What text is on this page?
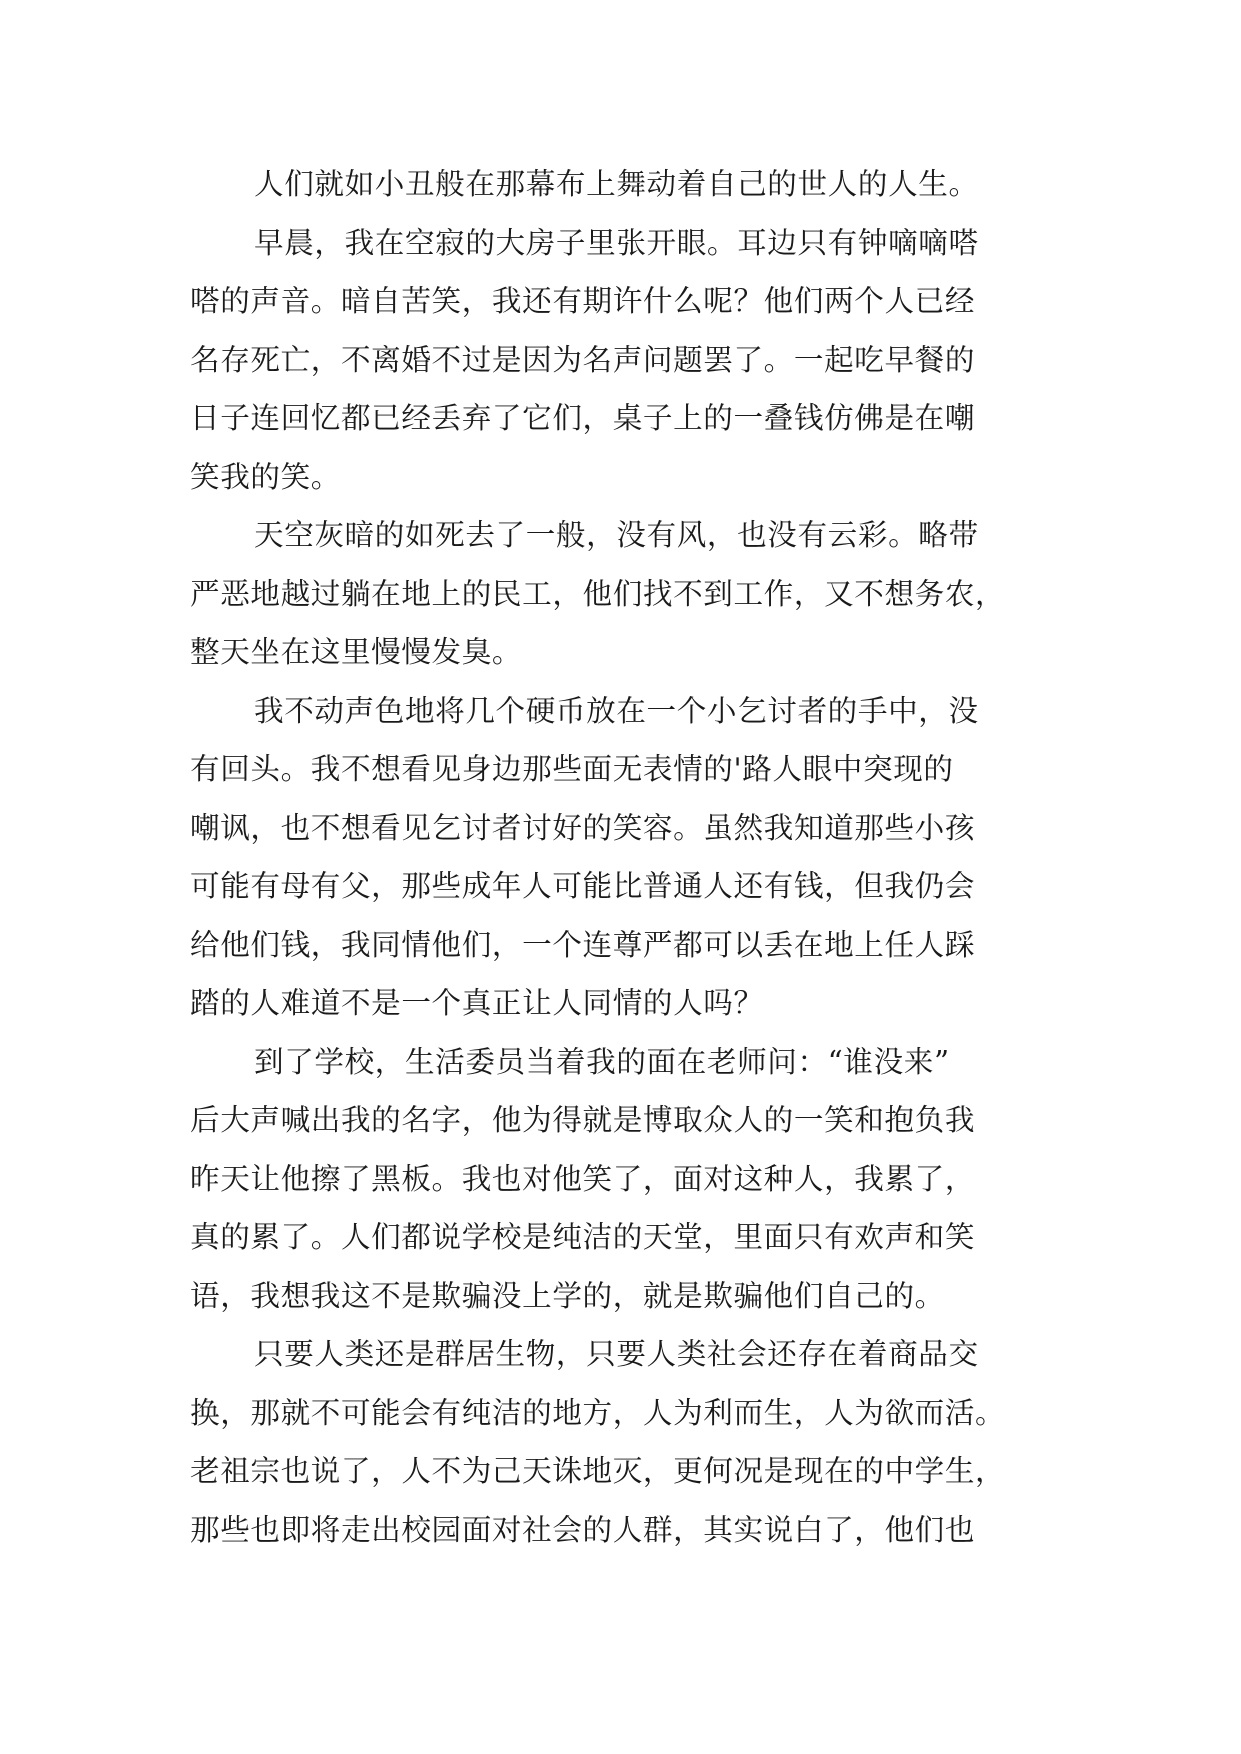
人们就如小丑般在那幕布上舞动着自己的世人的人生。
早晨，我在空寂的大房子里张开眼。耳边只有钟嘀嘀嗒
嗒的声音。暗自苦笑，我还有期许什么呢？他们两个人已经
名存死亡，不离婚不过是因为名声问题罢了。一起吃早餐的
日子连回忆都已经丢弃了它们，桌子上的一叠钱仿佛是在嘲
笑我的笑。
天空灰暗的如死去了一般，没有风，也没有云彩。略带
严恶地越过躺在地上的民工，他们找不到工作，又不想务农，
整天坐在这里慢慢发臭。
我不动声色地将几个硬币放在一个小乞讨者的手中，没
有回头。我不想看见身边那些面无表情的'路人眼中突现的
嘲讽，也不想看见乞讨者讨好的笑容。虽然我知道那些小孩
可能有母有父，那些成年人可能比普通人还有钱，但我仍会
给他们钱，我同情他们，一个连尊严都可以丢在地上任人踩
踏的人难道不是一个真正让人同情的人吗？
到了学校，生活委员当着我的面在老师问：“谁没来”
后大声喊出我的名字，他为得就是博取众人的一笑和抱负我
昨天让他擦了黑板。我也对他笑了，面对这种人，我累了，
真的累了。人们都说学校是纯洁的天堂，里面只有欢声和笑
语，我想我这不是欺骗没上学的，就是欺骗他们自己的。
只要人类还是群居生物，只要人类社会还存在着商品交
换，那就不可能会有纯洁的地方，人为利而生，人为欲而活。
老祖宗也说了，人不为己天诛地灭，更何况是现在的中学生，
那些也即将走出校园面对社会的人群，其实说白了，他们也
